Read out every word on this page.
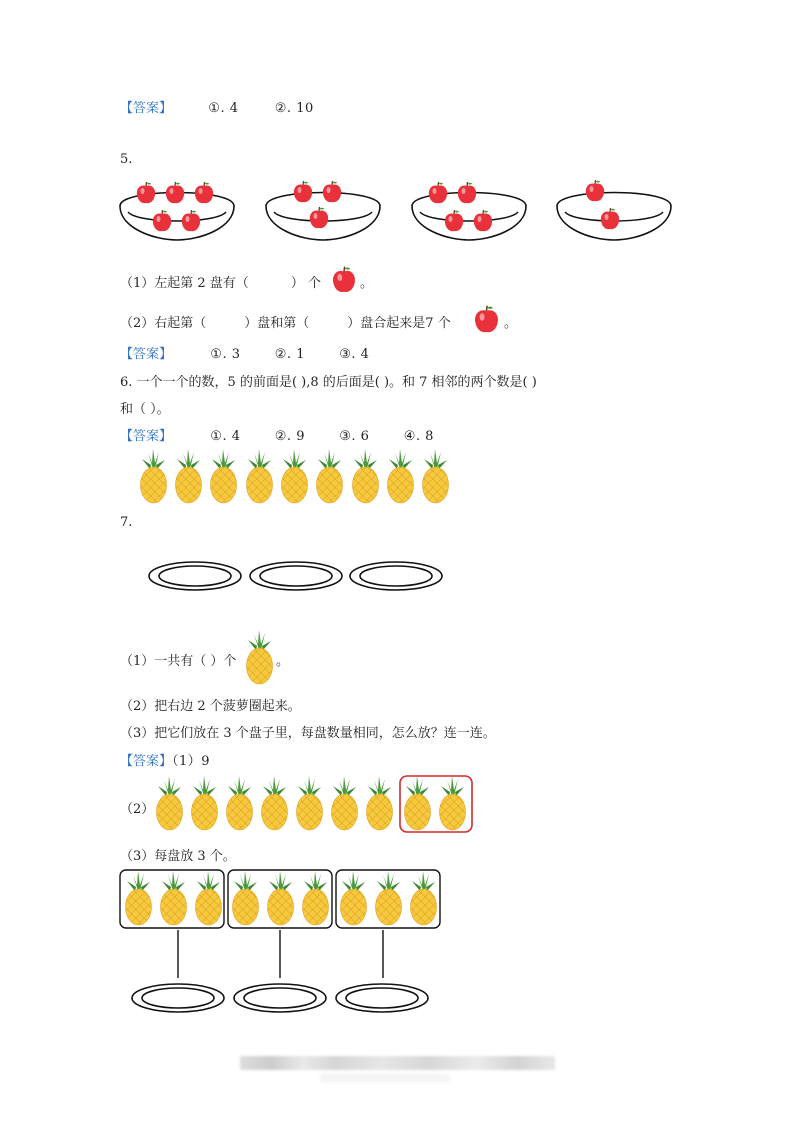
【答案】	①. 4	②. 10
5.
（1）左起第 2 盘有（	） 个	。
（2）右起第（	）盘和第（	）盘合起来是7 个	。
【答案】	①. 3	②. 1	③. 4
6. 一个一个的数，5 的前面是( ),8 的后面是( )。和 7 相邻的两个数是( )
和（ ）。
【答案】	①. 4	②. 9	③. 6	④. 8
7.
（1）一共有（ ）个	。
（2）把右边 2 个菠萝圈起来。
（3）把它们放在 3 个盘子里，每盘数量相同，怎么放？连一连。
【答案】（1）9
（2）
（3）每盘放 3 个。
